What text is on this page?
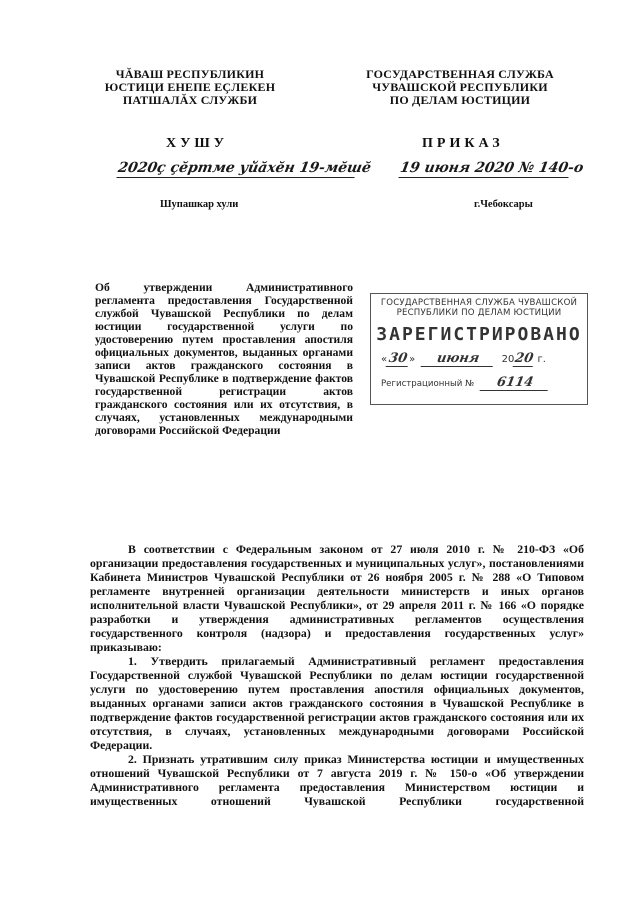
ЧĂВАШ РЕСПУБЛИКИН
ЮСТИЦИ ЕНЕПЕ ЕÇЛЕКЕН
ПАТШАЛĂХ СЛУЖБИ
ГОСУДАРСТВЕННАЯ СЛУЖБА
ЧУВАШСКОЙ РЕСПУБЛИКИ
ПО ДЕЛАМ ЮСТИЦИИ
ХУШУ	ПРИКАЗ
2020ç çĕртме уйăхĕн 19-мĕшĕ 19 июня 2020 № 140-о
Шупашкар хули	г.Чебоксары
Об утверждении Административного регламента предоставления Государственной службой Чувашской Республики по делам юстиции государственной услуги по удостоверению путем проставления апостиля официальных документов, выданных органами записи актов гражданского состояния в Чувашской Республике в подтверждение фактов государственной регистрации актов гражданского состояния или их отсутствия, в случаях, установленных международными договорами Российской Федерации
ГОСУДАРСТВЕННАЯ СЛУЖБА ЧУВАШСКОЙ
РЕСПУБЛИКИ ПО ДЕЛАМ ЮСТИЦИИ
ЗАРЕГИСТРИРОВАНО
«30» июня 2020 г.
Регистрационный № 6114

В соответствии с Федеральным законом от 27 июля 2010 г. № 210-ФЗ «Об организации предоставления государственных и муниципальных услуг», постановлениями Кабинета Министров Чувашской Республики от 26 ноября 2005 г. № 288 «О Типовом регламенте внутренней организации деятельности министерств и иных органов исполнительной власти Чувашской Республики», от 29 апреля 2011 г. № 166 «О порядке разработки и утверждения административных регламентов осуществления государственного контроля (надзора) и предоставления государственных услуг» приказываю:

1. Утвердить прилагаемый Административный регламент предоставления Государственной службой Чувашской Республики по делам юстиции государственной услуги по удостоверению путем проставления апостиля официальных документов, выданных органами записи актов гражданского состояния в Чувашской Республике в подтверждение фактов государственной регистрации актов гражданского состояния или их отсутствия, в случаях, установленных международными договорами Российской Федерации.

2. Признать утратившим силу приказ Министерства юстиции и имущественных отношений Чувашской Республики от 7 августа 2019 г. № 150-о «Об утверждении Административного регламента предоставления Министерством юстиции и имущественных отношений Чувашской Республики государственной
